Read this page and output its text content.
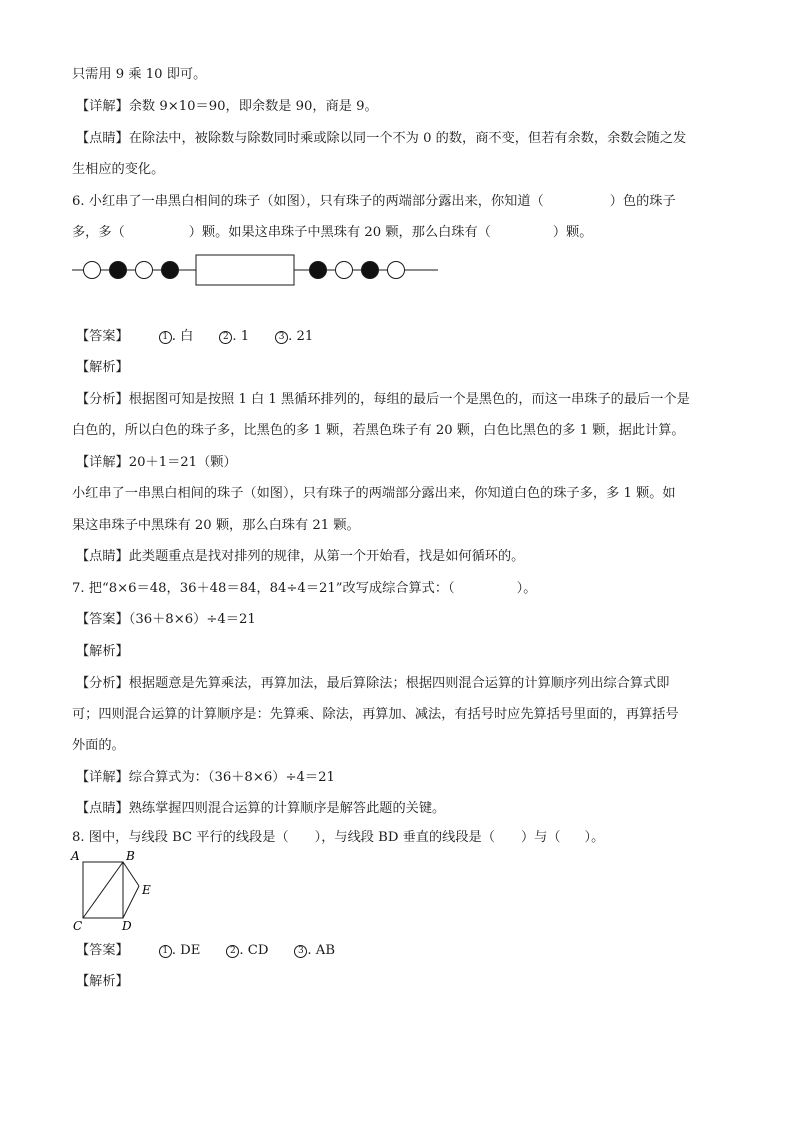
只需用 9 乘 10 即可。
【详解】余数 9×10＝90，即余数是 90，商是 9。
【点睛】在除法中，被除数与除数同时乘或除以同一个不为 0 的数，商不变，但若有余数，余数会随之发
生相应的变化。
6. 小红串了一串黑白相间的珠子（如图），只有珠子的两端部分露出来，你知道（	）色的珠子
多，多（	）颗。如果这串珠子中黑珠有 20 颗，那么白珠有（	）颗。
【答案】	1 . 白	2 . 1	3 . 21
【解析】
【分析】根据图可知是按照 1 白 1 黑循环排列的，每组的最后一个是黑色的，而这一串珠子的最后一个是
白色的，所以白色的珠子多，比黑色的多 1 颗，若黑色珠子有 20 颗，白色比黑色的多 1 颗，据此计算。
【详解】20＋1＝21（颗）
小红串了一串黑白相间的珠子（如图），只有珠子的两端部分露出来，你知道白色的珠子多，多 1 颗。如
果这串珠子中黑珠有 20 颗，那么白珠有 21 颗。
【点睛】此类题重点是找对排列的规律，从第一个开始看，找是如何循环的。
7. 把“8×6＝48，36＋48＝84，84÷4＝21”改写成综合算式：（	）。
【答案】（36＋8×6）÷4＝21
【解析】
【分析】根据题意是先算乘法，再算加法，最后算除法；根据四则混合运算的计算顺序列出综合算式即
可；四则混合运算的计算顺序是：先算乘、除法，再算加、减法，有括号时应先算括号里面的，再算括号
外面的。
【详解】综合算式为：（36＋8×6）÷4＝21
【点睛】熟练掌握四则混合运算的计算顺序是解答此题的关键。
8. 图中，与线段 BC 平行的线段是（ ），与线段 BD 垂直的线段是（ ）与（ ）。
A	B
E
C	D
【答案】	1 . DE	2 . CD	3 . AB
【解析】
